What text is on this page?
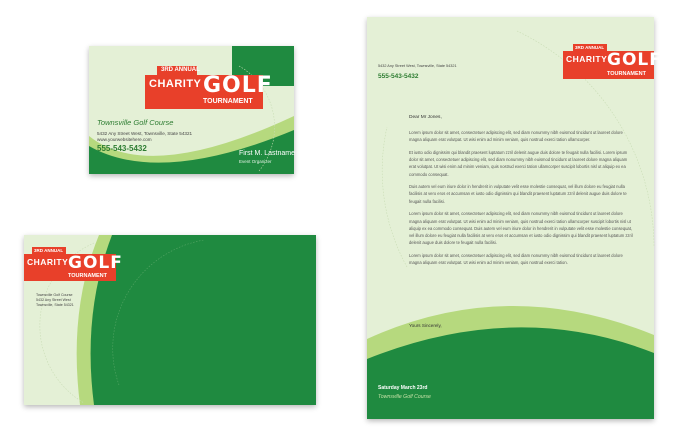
3RD ANNUAL
CHARITY GOLF
TOURNAMENT
Townsville Golf Course
5432 Any Street West, Townsville, State 54321
www.yourwebsitehere.com
555-543-5432
First M. Lastname
Event Organizer
3RD ANNUAL
CHARITY GOLF
TOURNAMENT
Townsville Golf Course
5432 Any Street West
Townsville, State 54321
3RD ANNUAL
CHARITY GOLF
TOURNAMENT
5432 Any Street West, Townsville, State 54321
555-543-5432
Dear Mr Jones,

Lorem ipsum dolor sit amet, consectetuer adipiscing elit, sed diam nonummy nibh euismod tincidunt ut laoreet dolore magna aliquam erat volutpat. Ut wisi enim ad minim veniam, quis nostrud exerci tation ullamcorper.

Et iusto odio dignissim qui blandit praesent luptatum zzril delenit augue duis dolore te feugait nulla facilisi. Lorem ipsum dolor sit amet, consectetuer adipiscing elit, sed diam nonummy nibh euismod tincidunt ut laoreet dolore magna aliquam erat volutpat. Ut wisi enim ad minim veniam, quis nostrud exerci tation ullamcorper suscipit lobortis nisl ut aliquip ex ea commodo consequat.

Duis autem vel eum iriure dolor in hendrerit in vulputate velit esse molestie consequat, vel illum dolore eu feugiat nulla facilisis at vero eros et accumsan et iusto odio dignissim qui blandit praesent luptatum zzril delenit augue duis dolore te feugait nulla facilisi.

Lorem ipsum dolor sit amet, consectetuer adipiscing elit, sed diam nonummy nibh euismod tincidunt ut laoreet dolore magna aliquam erat volutpat. Ut wisi enim ad minim veniam, quis nostrud exerci tation ullamcorper suscipit lobortis nisl ut aliquip ex ea commodo consequat. Duis autem vel eum iriure dolor in hendrerit in vulputate velit esse molestie consequat, vel illum dolore eu feugiat nulla facilisis at vero eros et accumsan et iusto odio dignissim qui blandit praesent luptatum zzril delenit augue duis dolore te feugait nulla facilisi.

Lorem ipsum dolor sit amet, consectetuer adipiscing elit, sed diam nonummy nibh euismod tincidunt ut laoreet dolore magna aliquam erat volutpat. Ut wisi enim ad minim veniam, quis nostrud exerci tation.

Yours Sincerely,
Saturday March 23rd
Townsville Golf Course
